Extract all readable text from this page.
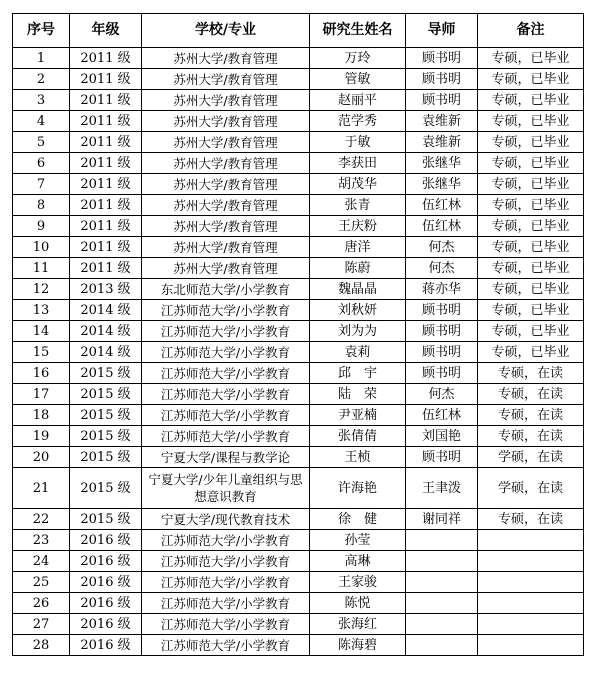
序号	年级	学校/专业	研究生姓名	导师	备注
1	2011 级	苏州大学/教育管理	万玲	顾书明	专硕，已毕业
2	2011 级	苏州大学/教育管理	管敏	顾书明	专硕，已毕业
3	2011 级	苏州大学/教育管理	赵丽平	顾书明	专硕，已毕业
4	2011 级	苏州大学/教育管理	范学秀	袁维新	专硕，已毕业
5	2011 级	苏州大学/教育管理	于敏	袁维新	专硕，已毕业
6	2011 级	苏州大学/教育管理	李获田	张继华	专硕，已毕业
7	2011 级	苏州大学/教育管理	胡茂华	张继华	专硕，已毕业
8	2011 级	苏州大学/教育管理	张青	伍红林	专硕，已毕业
9	2011 级	苏州大学/教育管理	王庆粉	伍红林	专硕，已毕业
10	2011 级	苏州大学/教育管理	唐洋	何杰	专硕，已毕业
11	2011 级	苏州大学/教育管理	陈蔚	何杰	专硕，已毕业
12	2013 级	东北师范大学/小学教育	魏晶晶	蒋亦华	专硕，已毕业
13	2014 级	江苏师范大学/小学教育	刘秋妍	顾书明	专硕，已毕业
14	2014 级	江苏师范大学/小学教育	刘为为	顾书明	专硕，已毕业
15	2014 级	江苏师范大学/小学教育	袁莉	顾书明	专硕，已毕业
16	2015 级	江苏师范大学/小学教育	邱　宇	顾书明	专硕，在读
17	2015 级	江苏师范大学/小学教育	陆　荣	何杰	专硕，在读
18	2015 级	江苏师范大学/小学教育	尹亚楠	伍红林	专硕，在读
19	2015 级	江苏师范大学/小学教育	张倩倩	刘国艳	专硕，在读
20	2015 级	宁夏大学/课程与教学论	王桢	顾书明	学硕，在读
21	2015 级	宁夏大学/少年儿童组织与思想意识教育	许海艳	王聿泼	学硕，在读
22	2015 级	宁夏大学/现代教育技术	徐　健	谢同祥	专硕，在读
23	2016 级	江苏师范大学/小学教育	孙莹		
24	2016 级	江苏师范大学/小学教育	高琳		
25	2016 级	江苏师范大学/小学教育	王家骏		
26	2016 级	江苏师范大学/小学教育	陈悦		
27	2016 级	江苏师范大学/小学教育	张海红		
28	2016 级	江苏师范大学/小学教育	陈海碧		
